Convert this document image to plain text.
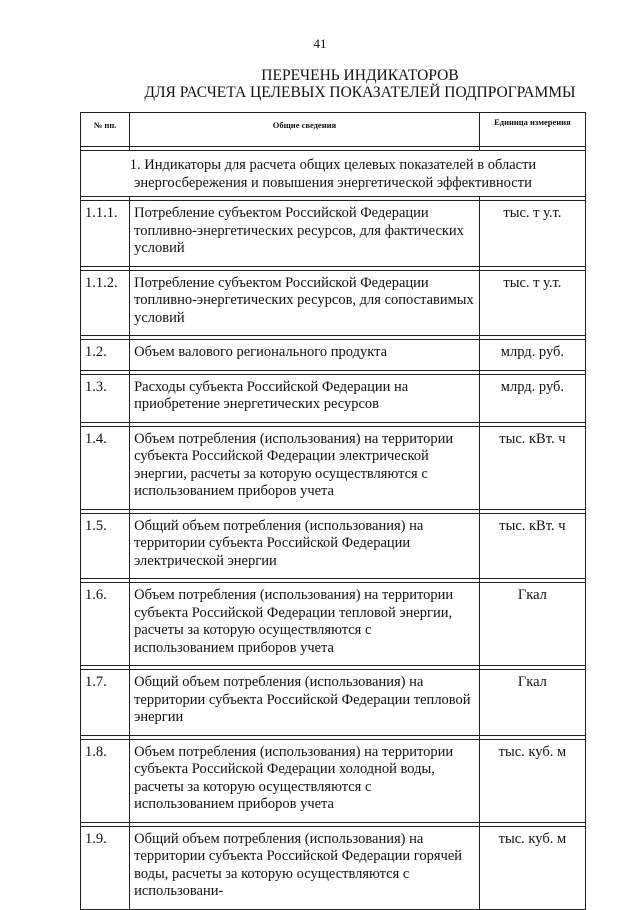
41
ПЕРЕЧЕНЬ ИНДИКАТОРОВ
ДЛЯ РАСЧЕТА ЦЕЛЕВЫХ ПОКАЗАТЕЛЕЙ ПОДПРОГРАММЫ
№ пп.	Общие сведения	Единица измерения

1. Индикаторы для расчета общих целевых показателей в области энергосбережения и повышения энергетической эффективности		

1.1.1.	Потребление субъектом Российской Федерации топливно-энергетических ресурсов, для фактических условий	тыс. т у.т.

1.1.2.	Потребление субъектом Российской Федерации топливно-энергетических ресурсов, для сопоставимых условий	тыс. т у.т.

1.2.	Объем валового регионального продукта	млрд. руб.

1.3.	Расходы субъекта Российской Федерации на приобретение энергетических ресурсов	млрд. руб.

1.4.	Объем потребления (использования) на территории субъекта Российской Федерации электрической энергии, расчеты за которую осуществляются с использованием приборов учета	тыс. кВт. ч

1.5.	Общий объем потребления (использования) на территории субъекта Российской Федерации электрической энергии	тыс. кВт. ч

1.6.	Объем потребления (использования) на территории субъекта Российской Федерации тепловой энергии, расчеты за которую осуществляются с использованием приборов учета	Гкал

1.7.	Общий объем потребления (использования) на территории субъекта Российской Федерации тепловой энергии	Гкал

1.8.	Объем потребления (использования) на территории субъекта Российской Федерации холодной воды, расчеты за которую осуществляются с использованием приборов учета	тыс. куб. м

1.9.	Общий объем потребления (использования) на территории субъекта Российской Федерации горячей воды, расчеты за которую осуществляются с использовани-	тыс. куб. м
